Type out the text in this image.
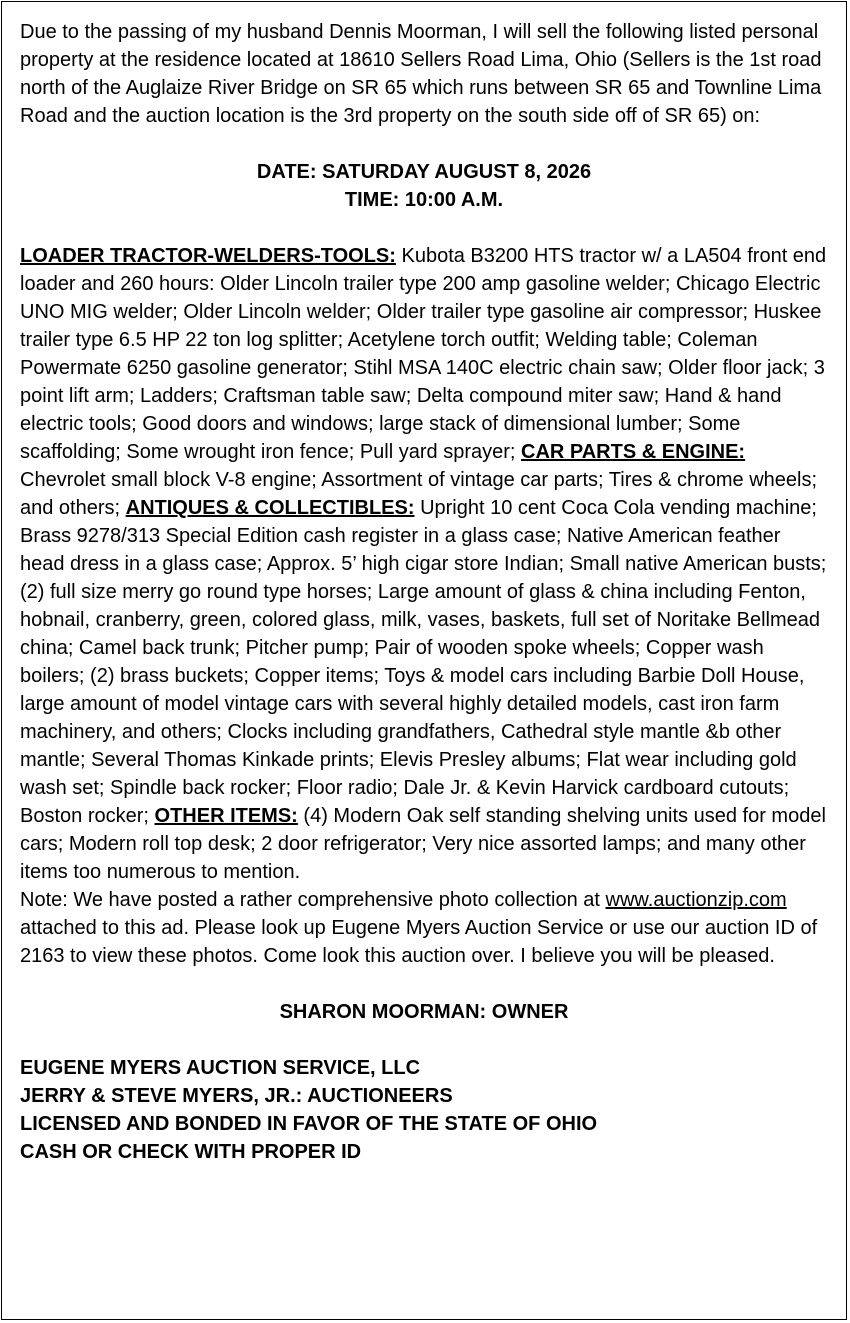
Due to the passing of my husband Dennis Moorman, I will sell the following listed personal property at the residence located at 18610 Sellers Road Lima, Ohio (Sellers is the 1st road north of the Auglaize River Bridge on SR 65 which runs between SR 65 and Townline Lima Road and the auction location is the 3rd property on the south side off of SR 65) on:

DATE: SATURDAY AUGUST 8, 2026

TIME: 10:00 A.M.

LOADER TRACTOR-WELDERS-TOOLS: Kubota B3200 HTS tractor w/ a LA504 front end loader and 260 hours: Older Lincoln trailer type 200 amp gasoline welder; Chicago Electric UNO MIG welder; Older Lincoln welder; Older trailer type gasoline air compressor; Huskee trailer type 6.5 HP 22 ton log splitter; Acetylene torch outfit; Welding table; Coleman Powermate 6250 gasoline generator; Stihl MSA 140C electric chain saw; Older floor jack; 3 point lift arm; Ladders; Craftsman table saw; Delta compound miter saw; Hand & hand electric tools; Good doors and windows; large stack of dimensional lumber; Some scaffolding; Some wrought iron fence; Pull yard sprayer; CAR PARTS & ENGINE: Chevrolet small block V-8 engine; Assortment of vintage car parts; Tires & chrome wheels; and others; ANTIQUES & COLLECTIBLES: Upright 10 cent Coca Cola vending machine; Brass 9278/313 Special Edition cash register in a glass case; Native American feather head dress in a glass case; Approx. 5’ high cigar store Indian; Small native American busts; (2) full size merry go round type horses; Large amount of glass & china including Fenton, hobnail, cranberry, green, colored glass, milk, vases, baskets, full set of Noritake Bellmead china; Camel back trunk; Pitcher pump; Pair of wooden spoke wheels; Copper wash boilers; (2) brass buckets; Copper items; Toys & model cars including Barbie Doll House, large amount of model vintage cars with several highly detailed models, cast iron farm machinery, and others; Clocks including grandfathers, Cathedral style mantle &b other mantle; Several Thomas Kinkade prints; Elevis Presley albums; Flat wear including gold wash set; Spindle back rocker; Floor radio; Dale Jr. & Kevin Harvick cardboard cutouts; Boston rocker; OTHER ITEMS: (4) Modern Oak self standing shelving units used for model cars; Modern roll top desk; 2 door refrigerator; Very nice assorted lamps; and many other items too numerous to mention.

Note: We have posted a rather comprehensive photo collection at www.auctionzip.com attached to this ad. Please look up Eugene Myers Auction Service or use our auction ID of 2163 to view these photos. Come look this auction over. I believe you will be pleased.

SHARON MOORMAN: OWNER

EUGENE MYERS AUCTION SERVICE, LLC

JERRY & STEVE MYERS, JR.: AUCTIONEERS

LICENSED AND BONDED IN FAVOR OF THE STATE OF OHIO

CASH OR CHECK WITH PROPER ID
